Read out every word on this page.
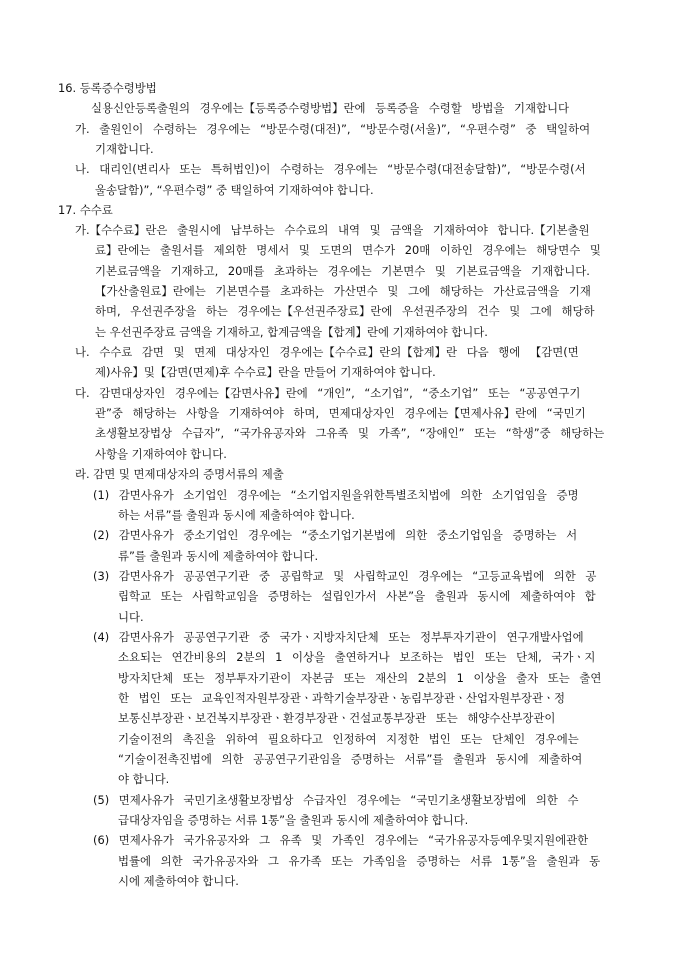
16. 등록증수령방법
실용신안등록출원의 경우에는【등록증수령방법】란에 등록증을 수령할 방법을 기재합니다
가. 출원인이 수령하는 경우에는 “방문수령(대전)”, “방문수령(서울)”, “우편수령” 중 택일하여
기재합니다.
나. 대리인(변리사 또는 특허법인)이 수령하는 경우에는 “방문수령(대전송달함)”, “방문수령(서
울송달함)”, “우편수령” 중 택일하여 기재하여야 합니다.
17. 수수료
가.【수수료】란은 출원시에 납부하는 수수료의 내역 및 금액을 기재하여야 합니다.【기본출원
료】란에는 출원서를 제외한 명세서 및 도면의 면수가 20매 이하인 경우에는 해당면수 및
기본료금액을 기재하고, 20매를 초과하는 경우에는 기본면수 및 기본료금액을 기재합니다.
【가산출원료】란에는 기본면수를 초과하는 가산면수 및 그에 해당하는 가산료금액을 기재
하며, 우선권주장을 하는 경우에는【우선권주장료】란에 우선권주장의 건수 및 그에 해당하
는 우선권주장료 금액을 기재하고, 합계금액을【합계】란에 기재하여야 합니다.
나. 수수료 감면 및 면제 대상자인 경우에는【수수료】란의【합계】란 다음 행에 【감면(면
제)사유】및【감면(면제)후 수수료】란을 만들어 기재하여야 합니다.
다. 감면대상자인 경우에는【감면사유】란에 “개인”, “소기업”, “중소기업” 또는 “공공연구기
관”중 해당하는 사항을 기재하여야 하며, 면제대상자인 경우에는【면제사유】란에 “국민기
초생활보장법상 수급자”, “국가유공자와 그유족 및 가족”, “장애인” 또는 “학생”중 해당하는
사항을 기재하여야 합니다.
라. 감면 및 면제대상자의 증명서류의 제출
(1) 감면사유가 소기업인 경우에는 “소기업지원을위한특별조치법에 의한 소기업임을 증명
하는 서류”를 출원과 동시에 제출하여야 합니다.
(2) 감면사유가 중소기업인 경우에는 “중소기업기본법에 의한 중소기업임을 증명하는 서
류”를 출원과 동시에 제출하여야 합니다.
(3) 감면사유가 공공연구기관 중 공립학교 및 사립학교인 경우에는 “고등교육법에 의한 공
립학교 또는 사립학교임을 증명하는 설립인가서 사본”을 출원과 동시에 제출하여야 합
니다.
(4) 감면사유가 공공연구기관 중 국가ㆍ지방자치단체 또는 정부투자기관이 연구개발사업에
소요되는 연간비용의 2분의 1 이상을 출연하거나 보조하는 법인 또는 단체, 국가ㆍ지
방자치단체 또는 정부투자기관이 자본금 또는 재산의 2분의 1 이상을 출자 또는 출연
한 법인 또는 교육인적자원부장관ㆍ과학기술부장관ㆍ농림부장관ㆍ산업자원부장관ㆍ정
보통신부장관ㆍ보건복지부장관ㆍ환경부장관ㆍ건설교통부장관 또는 해양수산부장관이
기술이전의 촉진을 위하여 필요하다고 인정하여 지정한 법인 또는 단체인 경우에는
“기술이전촉진법에 의한 공공연구기관임을 증명하는 서류”를 출원과 동시에 제출하여
야 합니다.
(5) 면제사유가 국민기초생활보장법상 수급자인 경우에는 “국민기초생활보장법에 의한 수
급대상자임을 증명하는 서류 1통”을 출원과 동시에 제출하여야 합니다.
(6) 면제사유가 국가유공자와 그 유족 및 가족인 경우에는 “국가유공자등예우및지원에관한
법률에 의한 국가유공자와 그 유가족 또는 가족임을 증명하는 서류 1통”을 출원과 동
시에 제출하여야 합니다.
